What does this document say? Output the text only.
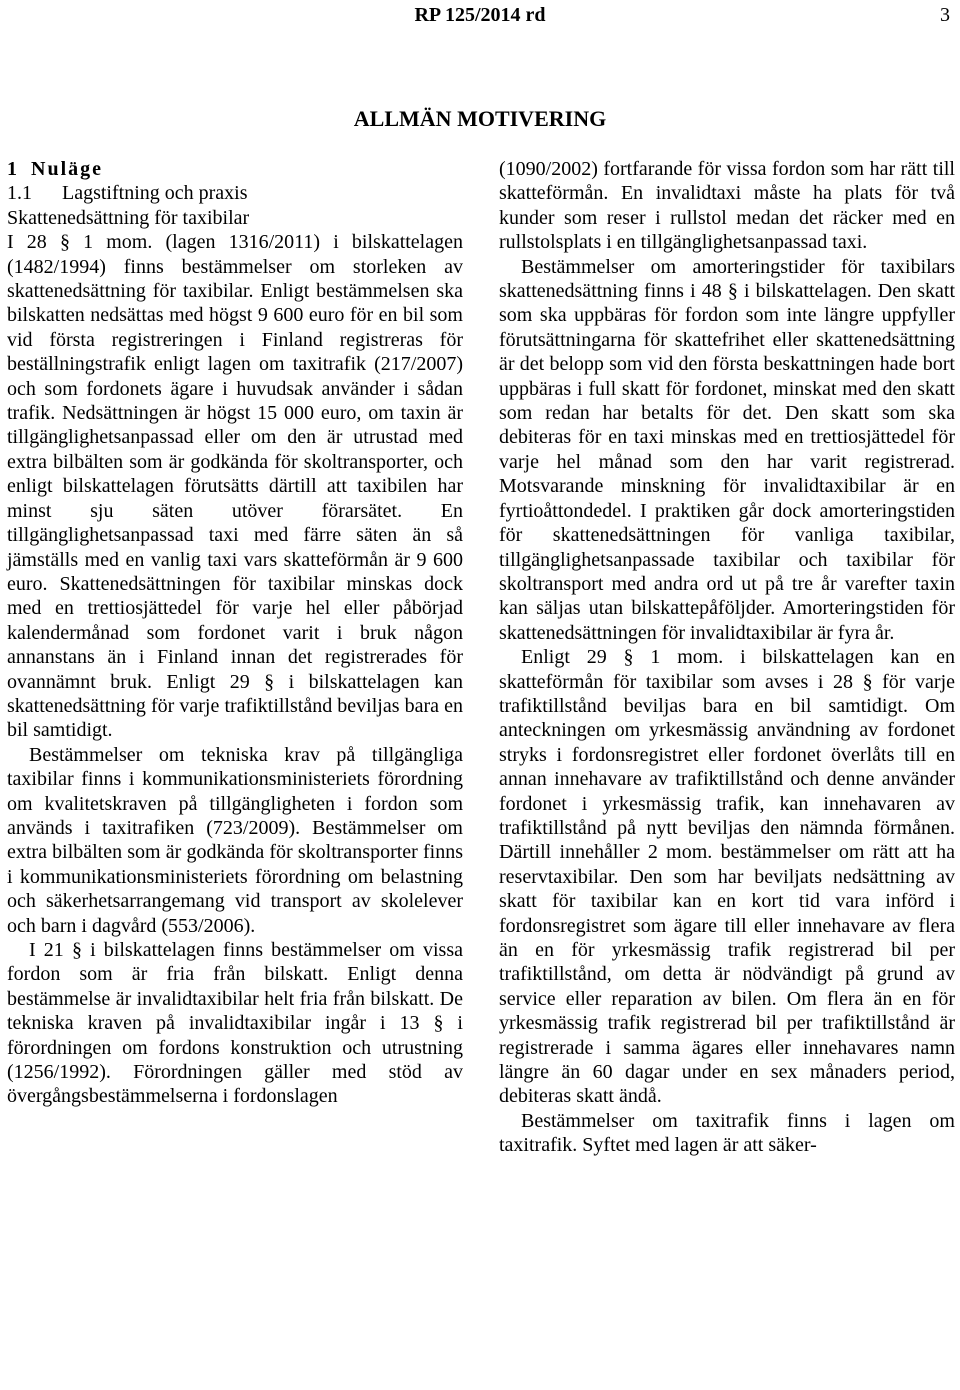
RP 125/2014 rd	3
ALLMÄN MOTIVERING

1 Nuläge

1.1 Lagstiftning och praxis

Skattenedsättning för taxibilar

I 28 § 1 mom. (lagen 1316/2011) i bilskattelagen (1482/1994) finns bestämmelser om storleken av skattenedsättning för taxibilar. Enligt bestämmelsen ska bilskatten nedsättas med högst 9 600 euro för en bil som vid första registreringen i Finland registreras för beställningstrafik enligt lagen om taxitrafik (217/2007) och som fordonets ägare i huvudsak använder i sådan trafik. Nedsättningen är högst 15 000 euro, om taxin är tillgänglighetsanpassad eller om den är utrustad med extra bilbälten som är godkända för skoltransporter, och enligt bilskattelagen förutsätts därtill att taxibilen har minst sju säten utöver förarsätet. En tillgänglighetsanpassad taxi med färre säten än så jämställs med en vanlig taxi vars skatteförmån är 9 600 euro. Skattenedsättningen för taxibilar minskas dock med en trettiosjättedel för varje hel eller påbörjad kalendermånad som fordonet varit i bruk någon annanstans än i Finland innan det registrerades för ovannämnt bruk. Enligt 29 § i bilskattelagen kan skattenedsättning för varje trafiktillstånd beviljas bara en bil samtidigt.

Bestämmelser om tekniska krav på tillgängliga taxibilar finns i kommunikationsministeriets förordning om kvalitetskraven på tillgängligheten i fordon som används i taxitrafiken (723/2009). Bestämmelser om extra bilbälten som är godkända för skoltransporter finns i kommunikationsministeriets förordning om belastning och säkerhetsarrangemang vid transport av skolelever och barn i dagvård (553/2006).

I 21 § i bilskattelagen finns bestämmelser om vissa fordon som är fria från bilskatt. Enligt denna bestämmelse är invalidtaxibilar helt fria från bilskatt. De tekniska kraven på invalidtaxibilar ingår i 13 § i förordningen om fordons konstruktion och utrustning (1256/1992). Förordningen gäller med stöd av övergångsbestämmelserna i fordonslagen

(1090/2002) fortfarande för vissa fordon som har rätt till skatteförmån. En invalidtaxi måste ha plats för två kunder som reser i rullstol medan det räcker med en rullstolsplats i en tillgänglighetsanpassad taxi.

Bestämmelser om amorteringstider för taxibilars skattenedsättning finns i 48 § i bilskattelagen. Den skatt som ska uppbäras för fordon som inte längre uppfyller förutsättningarna för skattefrihet eller skattenedsättning är det belopp som vid den första beskattningen hade bort uppbäras i full skatt för fordonet, minskat med den skatt som redan har betalts för det. Den skatt som ska debiteras för en taxi minskas med en trettiosjättedel för varje hel månad som den har varit registrerad. Motsvarande minskning för invalidtaxibilar är en fyrtioåttondedel. I praktiken går dock amorteringstiden för skattenedsättningen för vanliga taxibilar, tillgänglighetsanpassade taxibilar och taxibilar för skoltransport med andra ord ut på tre år varefter taxin kan säljas utan bilskattepåföljder. Amorteringstiden för skattenedsättningen för invalidtaxibilar är fyra år.

Enligt 29 § 1 mom. i bilskattelagen kan en skatteförmån för taxibilar som avses i 28 § för varje trafiktillstånd beviljas bara en bil samtidigt. Om anteckningen om yrkesmässig användning av fordonet stryks i fordonsregistret eller fordonet överlåts till en annan innehavare av trafiktillstånd och denne använder fordonet i yrkesmässig trafik, kan innehavaren av trafiktillstånd på nytt beviljas den nämnda förmånen. Därtill innehåller 2 mom. bestämmelser om rätt att ha reservtaxibilar. Den som har beviljats nedsättning av skatt för taxibilar kan en kort tid vara införd i fordonsregistret som ägare till eller innehavare av flera än en för yrkesmässig trafik registrerad bil per trafiktillstånd, om detta är nödvändigt på grund av service eller reparation av bilen. Om flera än en för yrkesmässig trafik registrerad bil per trafiktillstånd är registrerade i samma ägares eller innehavares namn längre än 60 dagar under en sex månaders period, debiteras skatt ändå.

Bestämmelser om taxitrafik finns i lagen om taxitrafik. Syftet med lagen är att säker-
